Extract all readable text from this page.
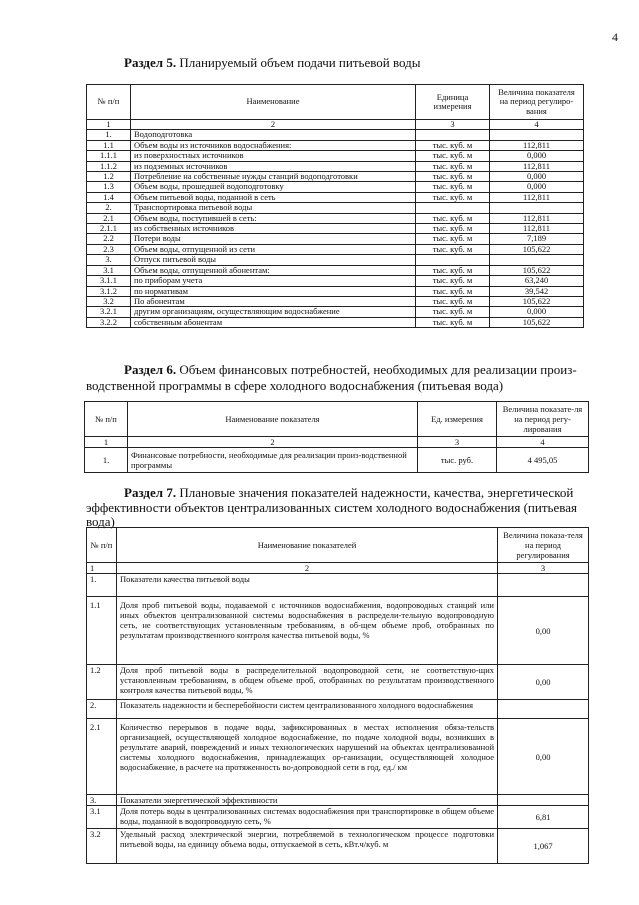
4
Раздел 5. Планируемый объем подачи питьевой воды
№ п/п	Наименование	Единица измерения	Величина показателя на период регулиро-вания
1	2	3	4
1.	Водоподготовка		
1.1	Объем воды из источников водоснабжения:	тыс. куб. м	112,811
1.1.1	из поверхностных источников	тыс. куб. м	0,000
1.1.2	из подземных источников	тыс. куб. м	112,811
1.2	Потребление на собственные нужды станций водоподготовки	тыс. куб. м	0,000
1.3	Объем воды, прошедшей водоподготовку	тыс. куб. м	0,000
1.4	Объем питьевой воды, поданной в сеть	тыс. куб. м	112,811
2.	Транспортировка питьевой воды		
2.1	Объем воды, поступившей в сеть:	тыс. куб. м	112,811
2.1.1	из собственных источников	тыс. куб. м	112,811
2.2	Потери воды	тыс. куб. м	7,189
2.3	Объем воды, отпущенной из сети	тыс. куб. м	105,622
3.	Отпуск питьевой воды		
3.1	Объем воды, отпущенной абонентам:	тыс. куб. м	105,622
3.1.1	по приборам учета	тыс. куб. м	63,240
3.1.2	по нормативам	тыс. куб. м	39,542
3.2	По абонентам	тыс. куб. м	105,622
3.2.1	другим организациям, осуществляющим водоснабжение	тыс. куб. м	0,000
3.2.2	собственным абонентам	тыс. куб. м	105,622
Раздел 6. Объем финансовых потребностей, необходимых для реализации произ-
водственной программы в сфере холодного водоснабжения (питьевая вода)
№ п/п	Наименование показателя	Ед. измерения	Величина показате-ля на период регу-лирования
1	2	3	4
1.	Финансовые потребности, необходимые для реализации произ-водственной программы	тыс. руб.	4 495,05
Раздел 7. Плановые значения показателей надежности, качества, энергетической
эффективности объектов централизованных систем холодного водоснабжения (питьевая
вода)
№ п/п	Наименование показателей	Величина показа-теля на период регулирования
1	2	3
1.	Показатели качества питьевой воды	
1.1	Доля проб питьевой воды, подаваемой с источников водоснабжения, водопроводных станций или иных объектов централизованной системы водоснабжения в распредели-тельную водопроводную сеть, не соответствующих установленным требованиям, в об-щем объеме проб, отобранных по результатам производственного контроля качества питьевой воды, %	0,00
1.2	Доля проб питьевой воды в распределительной водопроводной сети, не соответствую-щих установленным требованиям, в общем объеме проб, отобранных по результатам производственного контроля качества питьевой воды, %	0,00
2.	Показатель надежности и бесперебойности систем централизованного холодного водоснабжения	
2.1	Количество перерывов в подаче воды, зафиксированных в местах исполнения обяза-тельств организацией, осуществляющей холодное водоснабжение, по подаче холодной воды, возникших в результате аварий, повреждений и иных технологических нарушений на объектах централизованной системы холодного водоснабжения, принадлежащих ор-ганизации, осуществляющей холодное водоснабжение, в расчете на протяженность во-допроводной сети в год, ед./ км	0,00
3.	Показатели энергетической эффективности	
3.1	Доля потерь воды в централизованных системах водоснабжения при транспортировке в общем объеме воды, поданной в водопроводную сеть, %	6,81
3.2	Удельный расход электрической энергии, потребляемой в технологическом процессе подготовки питьевой воды, на единицу объема воды, отпускаемой в сеть, кВт.ч/куб. м	1,067
